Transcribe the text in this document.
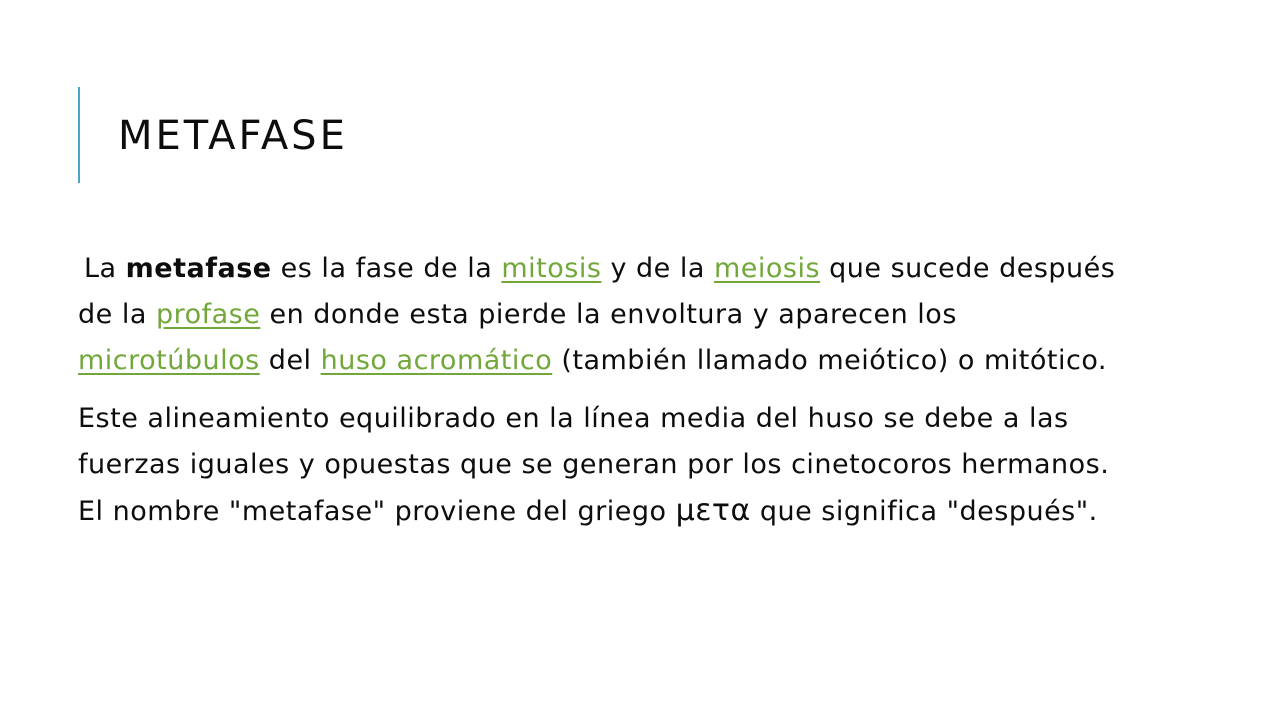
METAFASE

La metafase es la fase de la mitosis y de la meiosis que sucede después de la profase en donde esta pierde la envoltura y aparecen los microtúbulos del huso acromático (también llamado meiótico) o mitótico.

Este alineamiento equilibrado en la línea media del huso se debe a las fuerzas iguales y opuestas que se generan por los cinetocoros hermanos. El nombre "metafase" proviene del griego μετα que significa "después".
